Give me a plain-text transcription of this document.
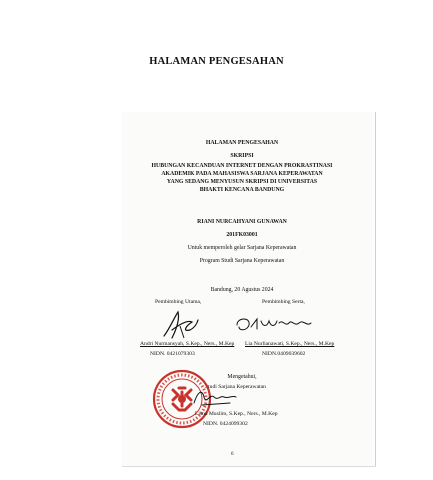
HALAMAN PENGESAHAN
HALAMAN PENGESAHAN
SKRIPSI
HUBUNGAN KECANDUAN INTERNET DENGAN PROKRASTINASI
AKADEMIK PADA MAHASISWA SARJANA KEPERAWATAN
YANG SEDANG MENYUSUN SKRIPSI DI UNIVERSITAS
BHAKTI KENCANA BANDUNG
RIANI NURCAHYANI GUNAWAN
201FK03001
Untuk memperoleh gelar Sarjana Keperawatan
Program Studi Sarjana Keperawatan
Bandung, 20 Agustus 2024
Pembimbing Utama,	Pembimbing Serta,
Andri Nurmansyah, S.Kep., Ners., M.Kep Lia Nurlianawati, S.Kep., Ners., M.Kep
NIDN. 0421079303	NIDN.0409039602
Mengetahui,
Studi Sarjana Keperawatan
Lisna Muslim, S.Kep., Ners., M.Kep
NIDN. 0424099302
6
